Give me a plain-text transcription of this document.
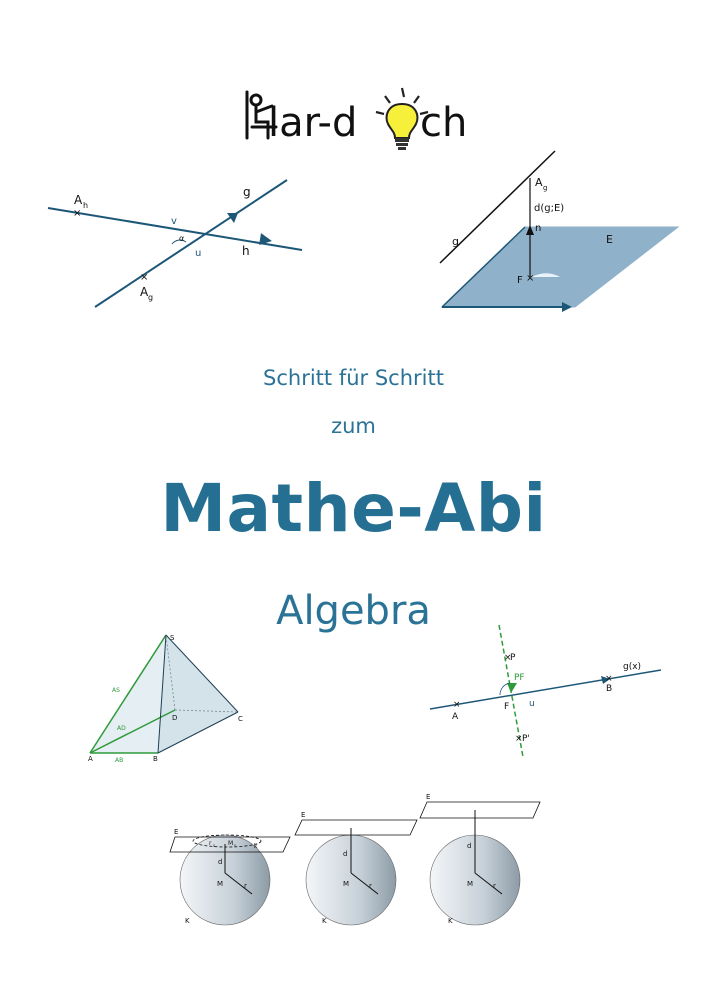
lar-d ch
A h
×
×
A g
g
h
v
u
α
×
A g
d(g;E)
n
E
g
F
Schritt für Schritt
zum
Mathe-Abi
Algebra
S
A	B
C
D
AS
AD
AB
×
P
× P'
PF
F u
×
A
×
B
g(x)
E
M
d
r
K
r s M s	k
E
M
d
r
K
E
M
d
r
K
